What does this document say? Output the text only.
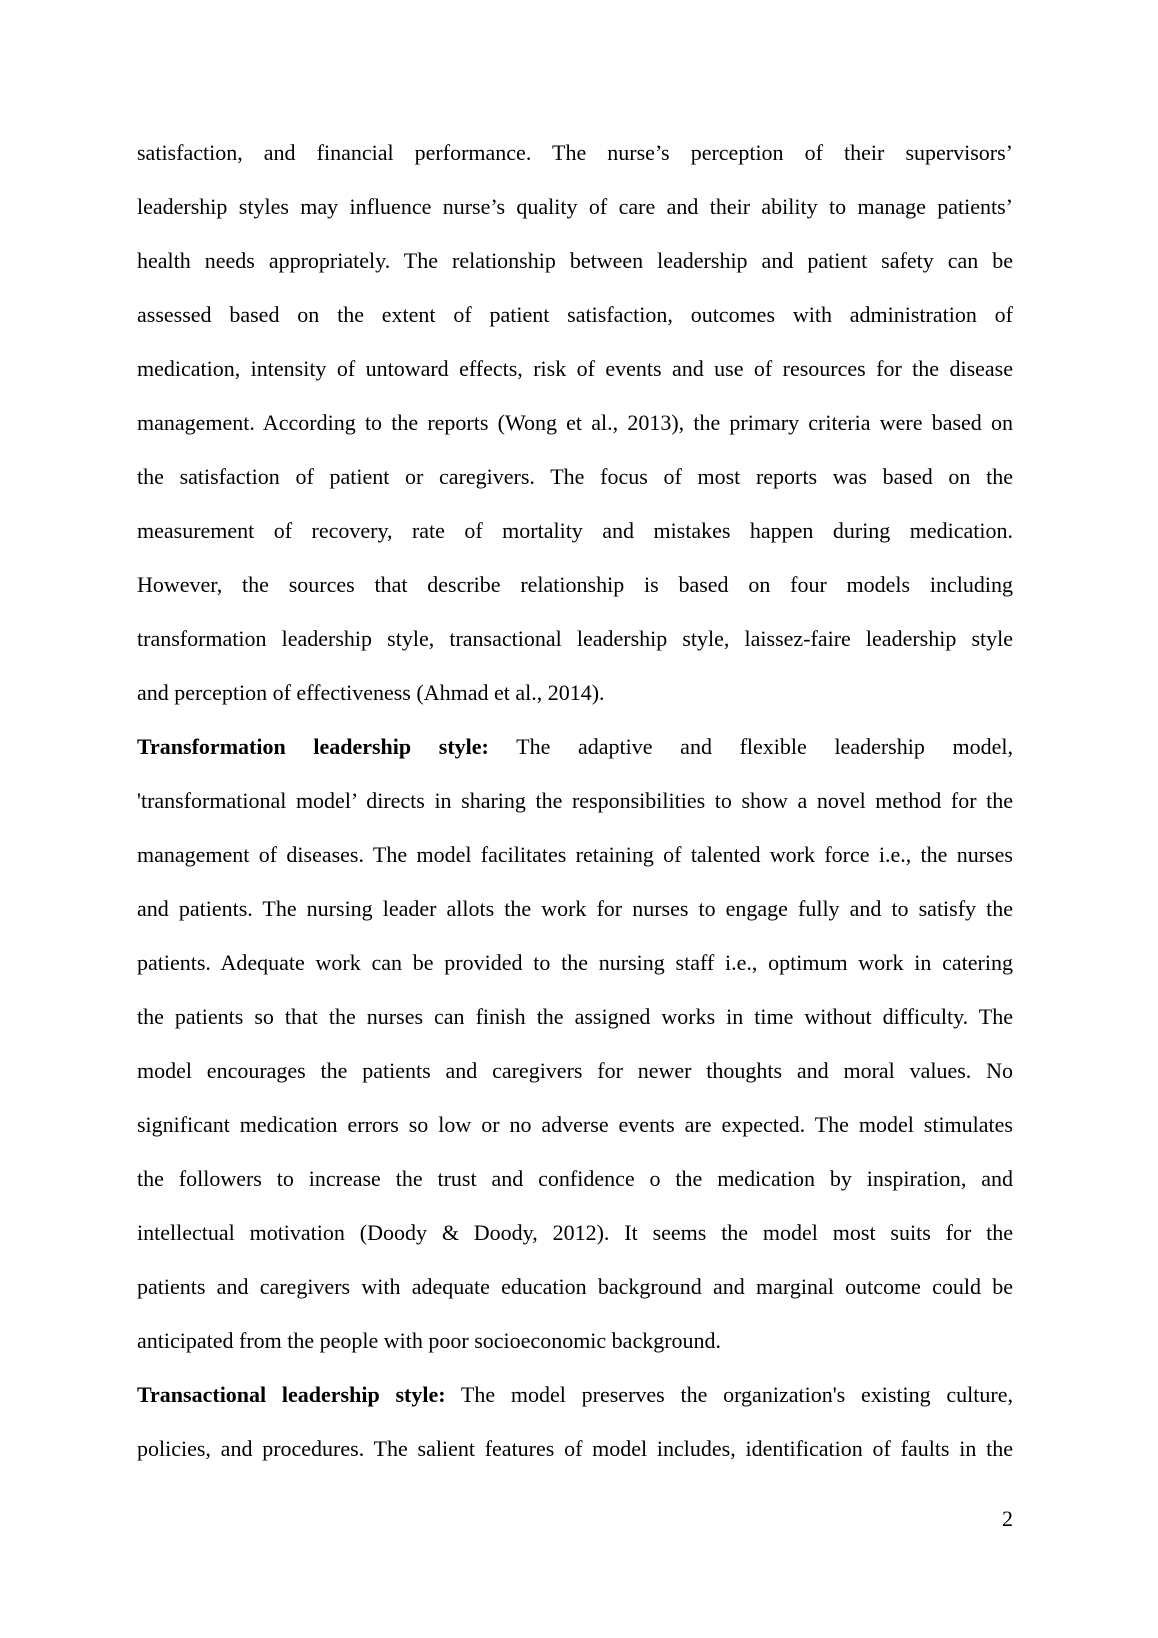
satisfaction, and financial performance. The nurse’s perception of their supervisors’
leadership styles may influence nurse’s quality of care and their ability to manage patients’
health needs appropriately. The relationship between leadership and patient safety can be
assessed based on the extent of patient satisfaction, outcomes with administration of
medication, intensity of untoward effects, risk of events and use of resources for the disease
management. According to the reports (Wong et al., 2013), the primary criteria were based on
the satisfaction of patient or caregivers. The focus of most reports was based on the
measurement of recovery, rate of mortality and mistakes happen during medication.
However, the sources that describe relationship is based on four models including
transformation leadership style, transactional leadership style, laissez-faire leadership style
and perception of effectiveness (Ahmad et al., 2014).
Transformation leadership style: The adaptive and flexible leadership model,
'transformational model’ directs in sharing the responsibilities to show a novel method for the
management of diseases. The model facilitates retaining of talented work force i.e., the nurses
and patients. The nursing leader allots the work for nurses to engage fully and to satisfy the
patients. Adequate work can be provided to the nursing staff i.e., optimum work in catering
the patients so that the nurses can finish the assigned works in time without difficulty. The
model encourages the patients and caregivers for newer thoughts and moral values. No
significant medication errors so low or no adverse events are expected. The model stimulates
the followers to increase the trust and confidence o the medication by inspiration, and
intellectual motivation (Doody & Doody, 2012). It seems the model most suits for the
patients and caregivers with adequate education background and marginal outcome could be
anticipated from the people with poor socioeconomic background.
Transactional leadership style: The model preserves the organization's existing culture,
policies, and procedures. The salient features of model includes, identification of faults in the
2
